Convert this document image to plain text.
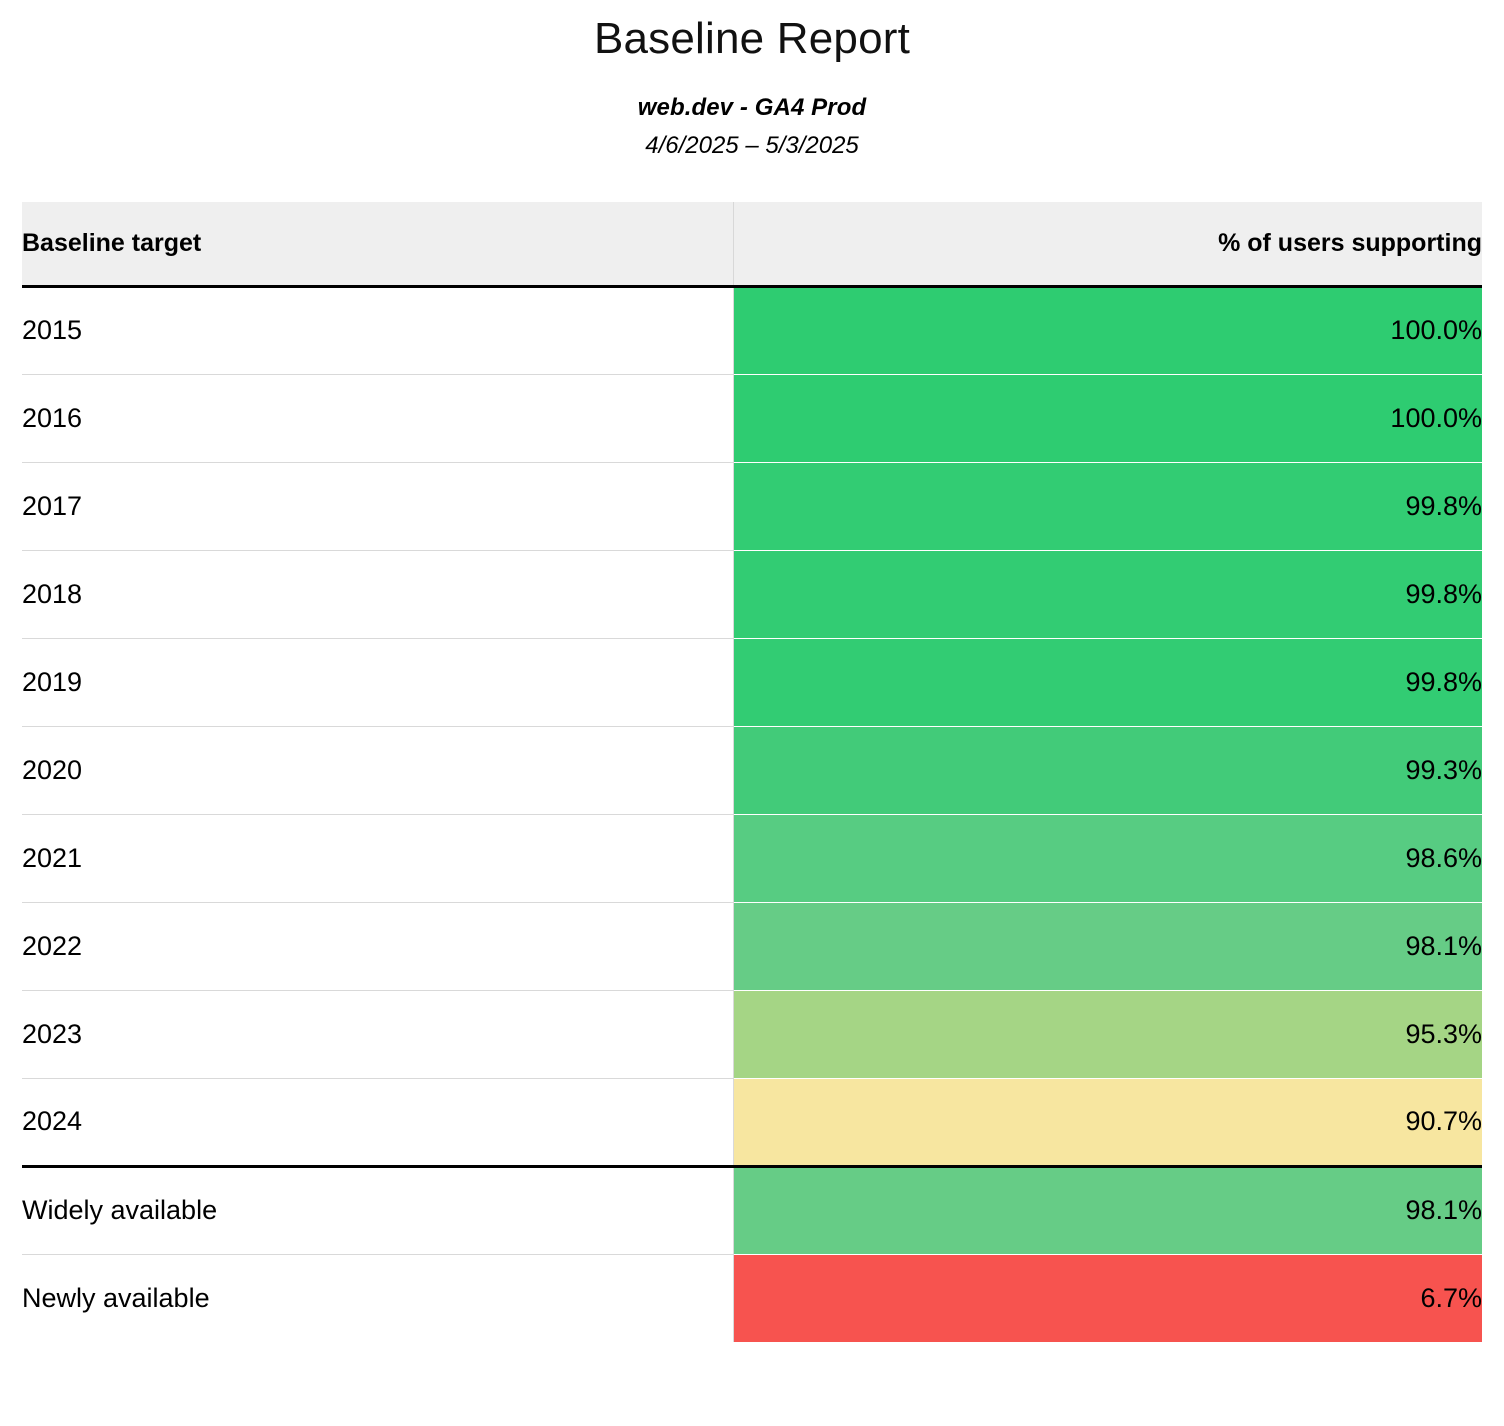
Baseline Report
web.dev - GA4 Prod
4/6/2025 – 5/3/2025
Baseline target	% of users supporting
2015	100.0%
2016	100.0%
2017	99.8%
2018	99.8%
2019	99.8%
2020	99.3%
2021	98.6%
2022	98.1%
2023	95.3%
2024	90.7%
Widely available	98.1%
Newly available	6.7%
